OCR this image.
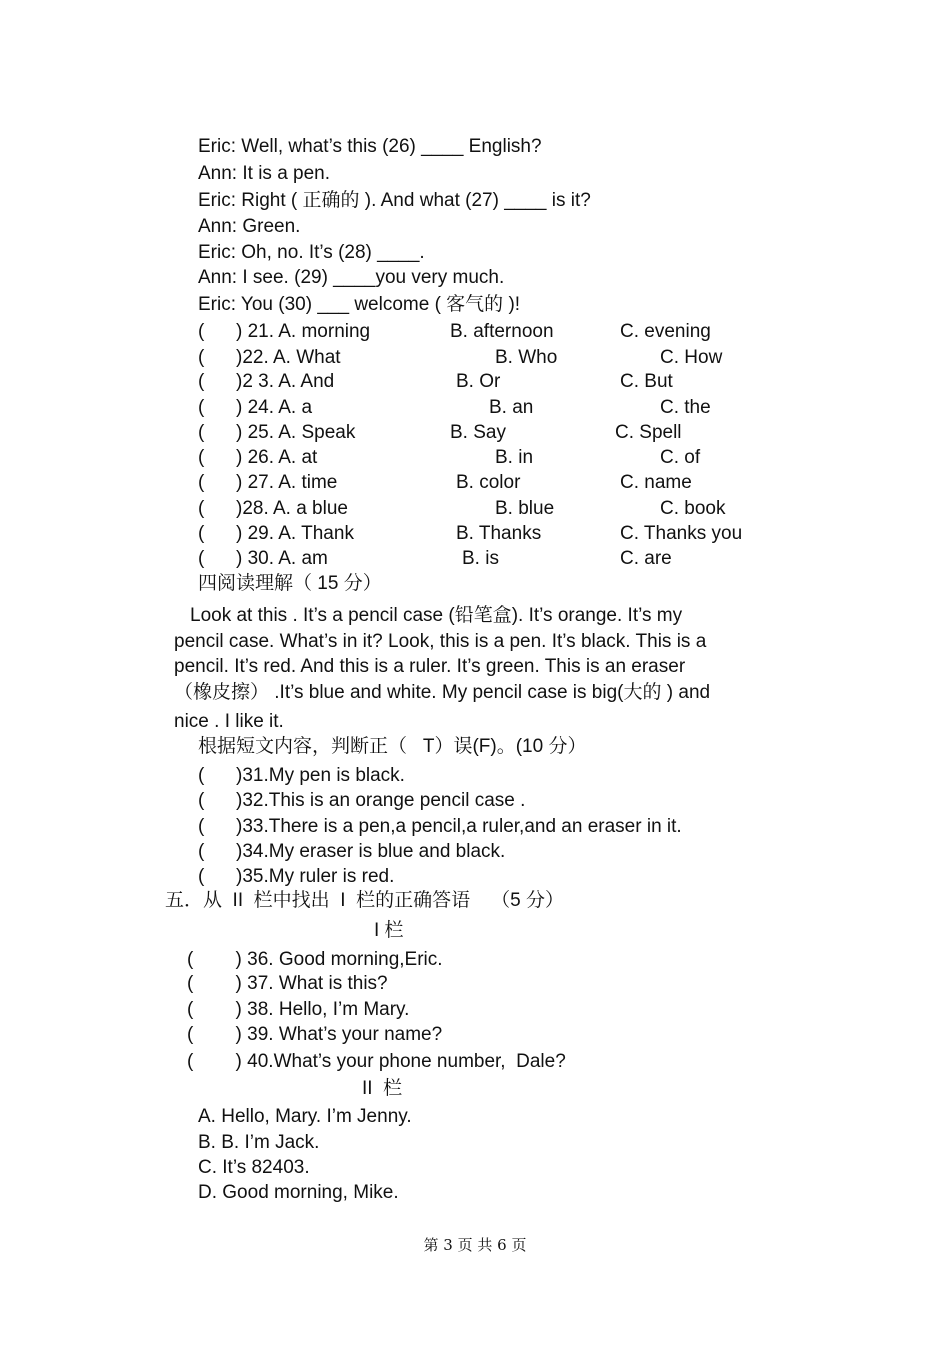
Eric: Well, what’s this (26) ____ English?
Ann: It is a pen.
Eric: Right ( 正确的 ). And what (27) ____ is it?
Ann: Green.
Eric: Oh, no. It’s (28) ____.
Ann: I see. (29) ____you very much.
Eric: You (30) ___ welcome ( 客气的 )!
(      ) 21. A. morning	B. afternoon	C. evening
(      )22. A. What	B. Who	C. How
(      )2 3. A. And	B. Or	C. But
(      ) 24. A. a	B. an	C. the
(      ) 25. A. Speak	B. Say	C. Spell
(      ) 26. A. at	B. in	C. of
(      ) 27. A. time	B. color	C. name
(      )28. A. a blue	B. blue	C. book
(      ) 29. A. Thank	B. Thanks	C. Thanks you
(      ) 30. A. am	B. is	C. are
四阅读理解（ 15 分）
Look at this . It’s a pencil case (铅笔盒). It’s orange. It’s my
pencil case. What’s in it? Look, this is a pen. It’s black. This is a
pencil. It’s red. And this is a ruler. It’s green. This is an eraser
（橡皮擦） .It’s blue and white. My pencil case is big(大的 ) and
nice . I like it.
根据短文内容，判断正（   T）误(F)。(10 分）
(      )31.My pen is black.
(      )32.This is an orange pencil case .
(      )33.There is a pen,a pencil,a ruler,and an eraser in it.
(      )34.My eraser is blue and black.
(      )35.My ruler is red.
五．从  II  栏中找出  I  栏的正确答语    （5 分）
I 栏
(        ) 36. Good morning,Eric.
(        ) 37. What is this?
(        ) 38. Hello, I’m Mary.
(        ) 39. What’s your name?
(        ) 40.What’s your phone number,  Dale?
II  栏
A. Hello, Mary. I’m Jenny.
B. B. I’m Jack.
C. It’s 82403.
D. Good morning, Mike.
第 3 页 共 6 页
